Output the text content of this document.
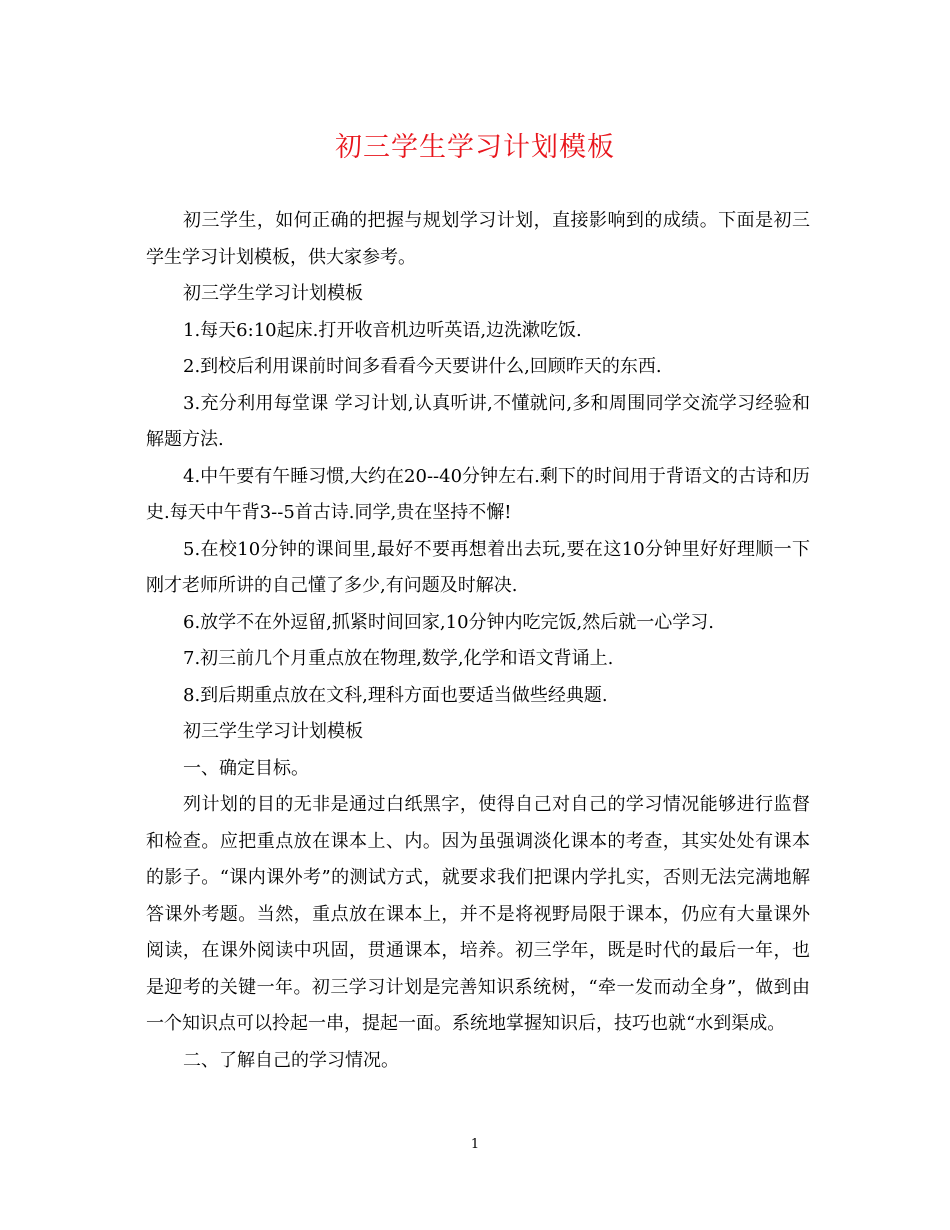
初三学生学习计划模板

初三学生，如何正确的把握与规划学习计划，直接影响到的成绩。下面是初三学生学习计划模板，供大家参考。

初三学生学习计划模板

1.每天6:10起床.打开收音机边听英语,边洗漱吃饭.

2.到校后利用课前时间多看看今天要讲什么,回顾昨天的东西.

3.充分利用每堂课 学习计划,认真听讲,不懂就问,多和周围同学交流学习经验和解题方法.

4.中午要有午睡习惯,大约在20--40分钟左右.剩下的时间用于背语文的古诗和历史.每天中午背3--5首古诗.同学,贵在坚持不懈!

5.在校10分钟的课间里,最好不要再想着出去玩,要在这10分钟里好好理顺一下刚才老师所讲的自己懂了多少,有问题及时解决.

6.放学不在外逗留,抓紧时间回家,10分钟内吃完饭,然后就一心学习.

7.初三前几个月重点放在物理,数学,化学和语文背诵上.

8.到后期重点放在文科,理科方面也要适当做些经典题.

初三学生学习计划模板

一、确定目标。

列计划的目的无非是通过白纸黑字，使得自己对自己的学习情况能够进行监督和检查。应把重点放在课本上、内。因为虽强调淡化课本的考查，其实处处有课本的影子。“课内课外考”的测试方式，就要求我们把课内学扎实，否则无法完满地解答课外考题。当然，重点放在课本上，并不是将视野局限于课本，仍应有大量课外阅读，在课外阅读中巩固，贯通课本，培养。初三学年，既是时代的最后一年，也是迎考的关键一年。初三学习计划是完善知识系统树，“牵一发而动全身”，做到由一个知识点可以拎起一串，提起一面。系统地掌握知识后，技巧也就“水到渠成。

二、了解自己的学习情况。

1
